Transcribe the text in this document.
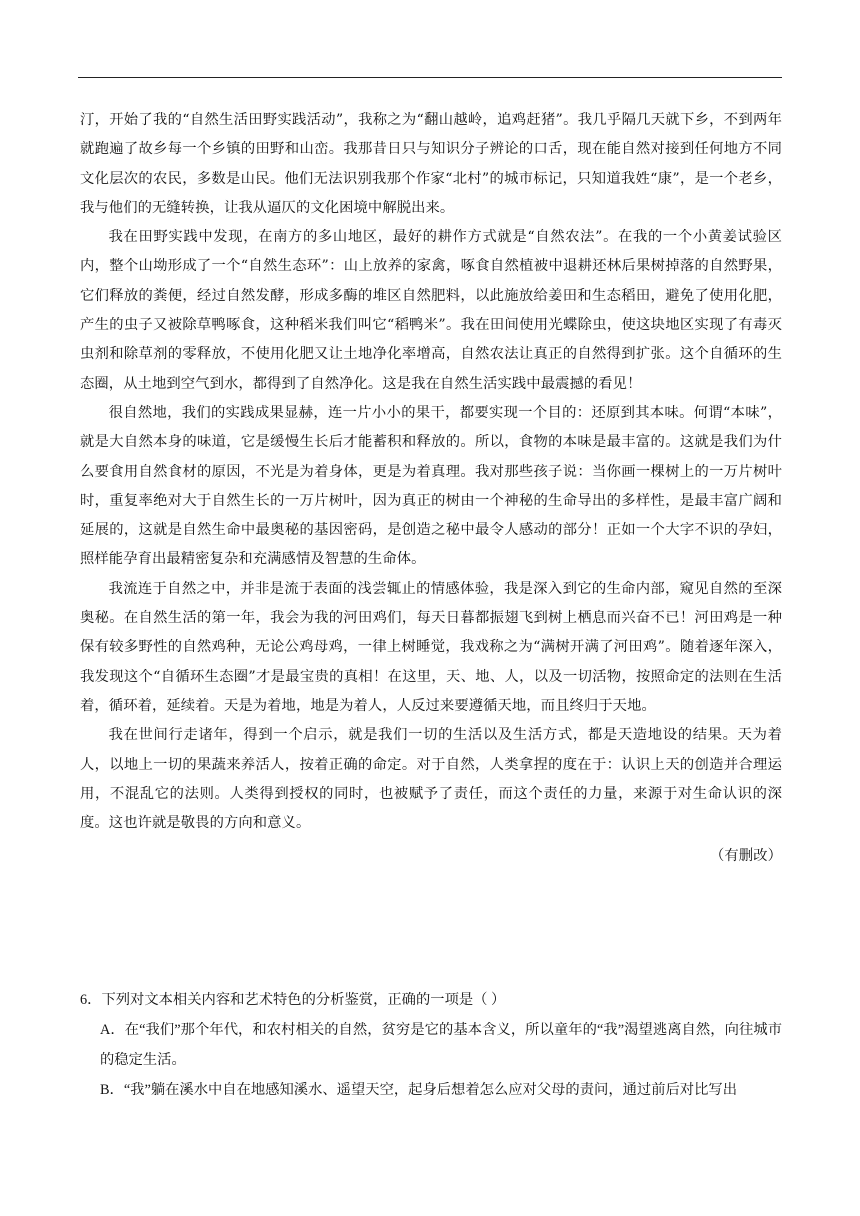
汀，开始了我的“自然生活田野实践活动”，我称之为“翻山越岭，追鸡赶猪”。我几乎隔几天就下乡，不到两年就跑遍了故乡每一个乡镇的田野和山峦。我那昔日只与知识分子辨论的口舌，现在能自然对接到任何地方不同文化层次的农民，多数是山民。他们无法识别我那个作家“北村”的城市标记，只知道我姓“康”，是一个老乡，我与他们的无缝转换，让我从逼仄的文化困境中解脱出来。

我在田野实践中发现，在南方的多山地区，最好的耕作方式就是“自然农法”。在我的一个小黄姜试验区内，整个山坳形成了一个“自然生态环”：山上放养的家禽，啄食自然植被中退耕还林后果树掉落的自然野果，它们释放的粪便，经过自然发酵，形成多酶的堆区自然肥料，以此施放给姜田和生态稻田，避免了使用化肥，产生的虫子又被除草鸭啄食，这种稻米我们叫它“稻鸭米”。我在田间使用光蝶除虫，使这块地区实现了有毒灭虫剂和除草剂的零释放，不使用化肥又让土地净化率增高，自然农法让真正的自然得到扩张。这个自循环的生态圈，从土地到空气到水，都得到了自然净化。这是我在自然生活实践中最震撼的看见！

很自然地，我们的实践成果显赫，连一片小小的果干，都要实现一个目的：还原到其本味。何谓“本味”，就是大自然本身的味道，它是缓慢生长后才能蓄积和释放的。所以，食物的本味是最丰富的。这就是我们为什么要食用自然食材的原因，不光是为着身体，更是为着真理。我对那些孩子说：当你画一棵树上的一万片树叶时，重复率绝对大于自然生长的一万片树叶，因为真正的树由一个神秘的生命导出的多样性，是最丰富广阔和延展的，这就是自然生命中最奥秘的基因密码，是创造之秘中最令人感动的部分！正如一个大字不识的孕妇，照样能孕育出最精密复杂和充满感情及智慧的生命体。

我流连于自然之中，并非是流于表面的浅尝辄止的情感体验，我是深入到它的生命内部，窥见自然的至深奥秘。在自然生活的第一年，我会为我的河田鸡们，每天日暮都振翅飞到树上栖息而兴奋不已！河田鸡是一种保有较多野性的自然鸡种，无论公鸡母鸡，一律上树睡觉，我戏称之为“满树开满了河田鸡”。随着逐年深入，我发现这个“自循环生态圈”才是最宝贵的真相！在这里，天、地、人，以及一切活物，按照命定的法则在生活着，循环着，延续着。天是为着地，地是为着人，人反过来要遵循天地，而且终归于天地。

我在世间行走诸年，得到一个启示，就是我们一切的生活以及生活方式，都是天造地设的结果。天为着人，以地上一切的果蔬来养活人，按着正确的命定。对于自然，人类拿捏的度在于：认识上天的创造并合理运用，不混乱它的法则。人类得到授权的同时，也被赋予了责任，而这个责任的力量，来源于对生命认识的深度。这也许就是敬畏的方向和意义。

（有删改）

6．下列对文本相关内容和艺术特色的分析鉴赏，正确的一项是（ ）

A．在“我们”那个年代，和农村相关的自然，贫穷是它的基本含义，所以童年的“我”渴望逃离自然，向往城市的稳定生活。

B．“我”躺在溪水中自在地感知溪水、遥望天空，起身后想着怎么应对父母的责问，通过前后对比写出
